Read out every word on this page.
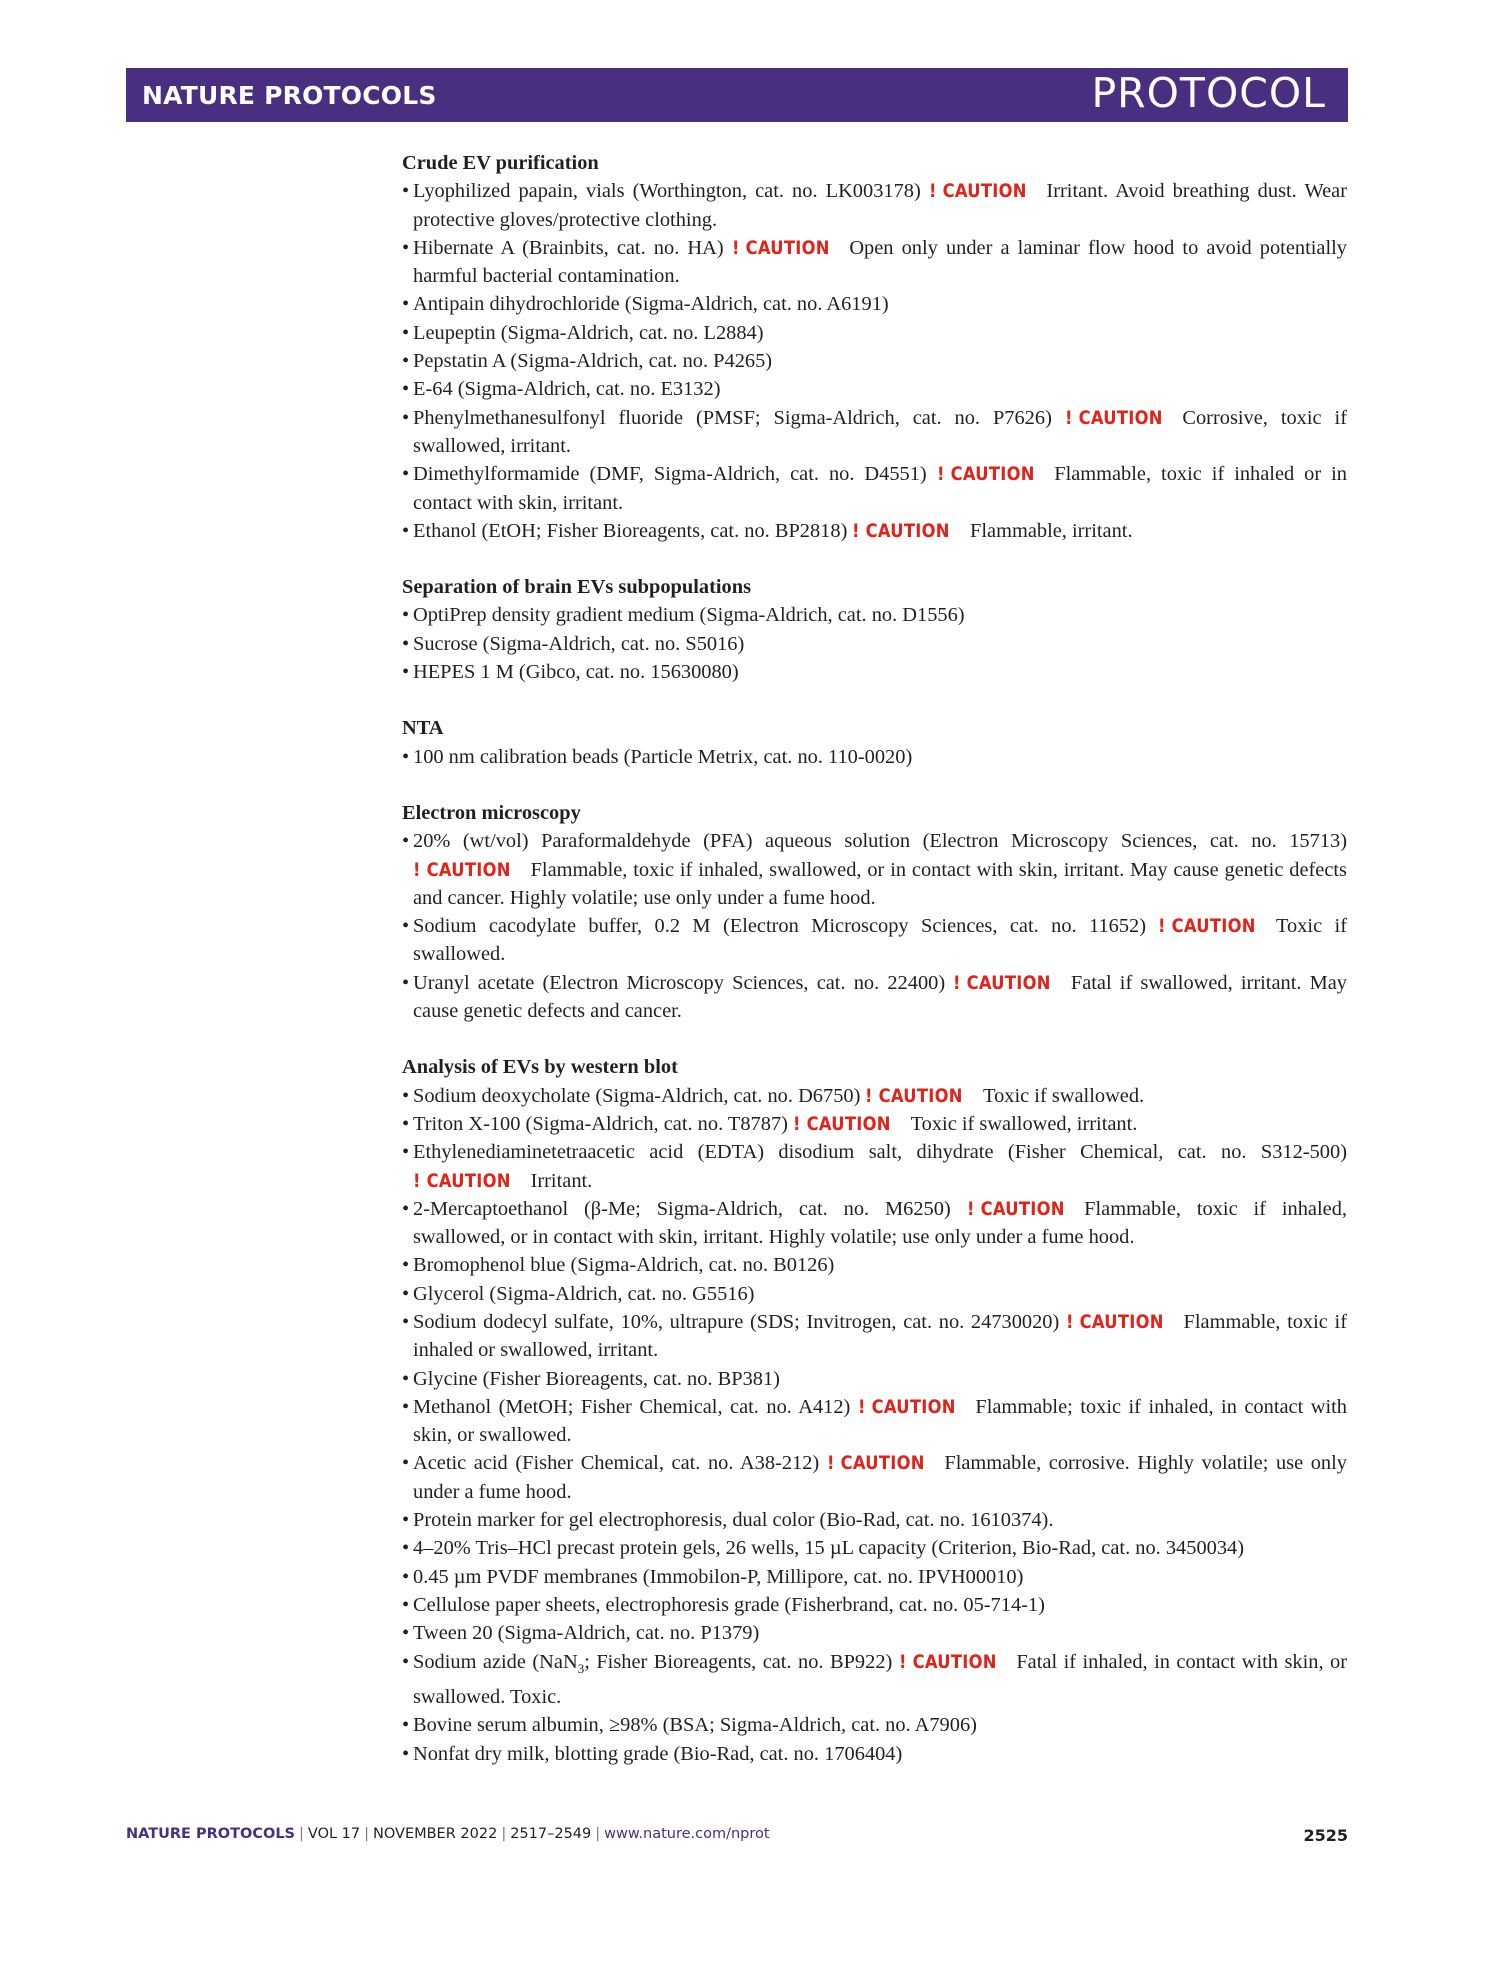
NATURE PROTOCOLS	PROTOCOL
Crude EV purification
• Lyophilized papain, vials (Worthington, cat. no. LK003178) ! CAUTION Irritant. Avoid breathing dust. Wear protective gloves/protective clothing.
• Hibernate A (Brainbits, cat. no. HA) ! CAUTION Open only under a laminar flow hood to avoid potentially harmful bacterial contamination.
• Antipain dihydrochloride (Sigma-Aldrich, cat. no. A6191)
• Leupeptin (Sigma-Aldrich, cat. no. L2884)
• Pepstatin A (Sigma-Aldrich, cat. no. P4265)
• E-64 (Sigma-Aldrich, cat. no. E3132)
• Phenylmethanesulfonyl fluoride (PMSF; Sigma-Aldrich, cat. no. P7626) ! CAUTION Corrosive, toxic if swallowed, irritant.
• Dimethylformamide (DMF, Sigma-Aldrich, cat. no. D4551) ! CAUTION Flammable, toxic if inhaled or in contact with skin, irritant.
• Ethanol (EtOH; Fisher Bioreagents, cat. no. BP2818) ! CAUTION Flammable, irritant.
Separation of brain EVs subpopulations
• OptiPrep density gradient medium (Sigma-Aldrich, cat. no. D1556)
• Sucrose (Sigma-Aldrich, cat. no. S5016)
• HEPES 1 M (Gibco, cat. no. 15630080)
NTA
• 100 nm calibration beads (Particle Metrix, cat. no. 110-0020)
Electron microscopy
• 20% (wt/vol) Paraformaldehyde (PFA) aqueous solution (Electron Microscopy Sciences, cat. no. 15713) ! CAUTION Flammable, toxic if inhaled, swallowed, or in contact with skin, irritant. May cause genetic defects and cancer. Highly volatile; use only under a fume hood.
• Sodium cacodylate buffer, 0.2 M (Electron Microscopy Sciences, cat. no. 11652) ! CAUTION Toxic if swallowed.
• Uranyl acetate (Electron Microscopy Sciences, cat. no. 22400) ! CAUTION Fatal if swallowed, irritant. May cause genetic defects and cancer.
Analysis of EVs by western blot
• Sodium deoxycholate (Sigma-Aldrich, cat. no. D6750) ! CAUTION Toxic if swallowed.
• Triton X-100 (Sigma-Aldrich, cat. no. T8787) ! CAUTION Toxic if swallowed, irritant.
• Ethylenediaminetetraacetic acid (EDTA) disodium salt, dihydrate (Fisher Chemical, cat. no. S312-500) ! CAUTION Irritant.
• 2-Mercaptoethanol (β-Me; Sigma-Aldrich, cat. no. M6250) ! CAUTION Flammable, toxic if inhaled, swallowed, or in contact with skin, irritant. Highly volatile; use only under a fume hood.
• Bromophenol blue (Sigma-Aldrich, cat. no. B0126)
• Glycerol (Sigma-Aldrich, cat. no. G5516)
• Sodium dodecyl sulfate, 10%, ultrapure (SDS; Invitrogen, cat. no. 24730020) ! CAUTION Flammable, toxic if inhaled or swallowed, irritant.
• Glycine (Fisher Bioreagents, cat. no. BP381)
• Methanol (MetOH; Fisher Chemical, cat. no. A412) ! CAUTION Flammable; toxic if inhaled, in contact with skin, or swallowed.
• Acetic acid (Fisher Chemical, cat. no. A38-212) ! CAUTION Flammable, corrosive. Highly volatile; use only under a fume hood.
• Protein marker for gel electrophoresis, dual color (Bio-Rad, cat. no. 1610374).
• 4–20% Tris–HCl precast protein gels, 26 wells, 15 µL capacity (Criterion, Bio-Rad, cat. no. 3450034)
• 0.45 µm PVDF membranes (Immobilon-P, Millipore, cat. no. IPVH00010)
• Cellulose paper sheets, electrophoresis grade (Fisherbrand, cat. no. 05-714-1)
• Tween 20 (Sigma-Aldrich, cat. no. P1379)
• Sodium azide (NaN$_3$; Fisher Bioreagents, cat. no. BP922) ! CAUTION Fatal if inhaled, in contact with skin, or swallowed. Toxic.
• Bovine serum albumin, ≥98% (BSA; Sigma-Aldrich, cat. no. A7906)
• Nonfat dry milk, blotting grade (Bio-Rad, cat. no. 1706404)
NATURE PROTOCOLS | VOL 17 | NOVEMBER 2022 | 2517–2549 | www.nature.com/nprot	2525
